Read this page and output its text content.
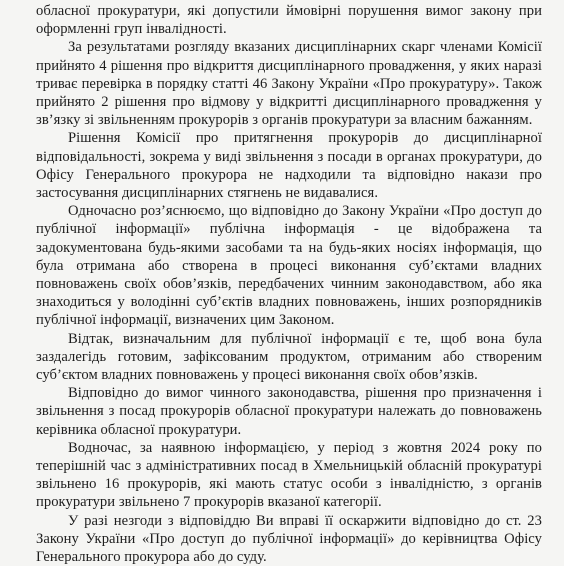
обласної прокуратури, які допустили ймовірні порушення вимог закону при оформленні груп інвалідності.

За результатами розгляду вказаних дисциплінарних скарг членами Комісії прийнято 4 рішення про відкриття дисциплінарного провадження, у яких наразі триває перевірка в порядку статті 46 Закону України «Про прокуратуру». Також прийнято 2 рішення про відмову у відкритті дисциплінарного провадження у зв’язку зі звільненням прокурорів з органів прокуратури за власним бажанням.

Рішення Комісії про притягнення прокурорів до дисциплінарної відповідальності, зокрема у виді звільнення з посади в органах прокуратури, до Офісу Генерального прокурора не надходили та відповідно накази про застосування дисциплінарних стягнень не видавалися.

Одночасно роз’яснюємо, що відповідно до Закону України «Про доступ до публічної інформації» публічна інформація - це відображена та задокументована будь-якими засобами та на будь-яких носіях інформація, що була отримана або створена в процесі виконання суб’єктами владних повноважень своїх обов’язків, передбачених чинним законодавством, або яка знаходиться у володінні суб’єктів владних повноважень, інших розпорядників публічної інформації, визначених цим Законом.

Відтак, визначальним для публічної інформації є те, щоб вона була заздалегідь готовим, зафіксованим продуктом, отриманим або створеним суб’єктом владних повноважень у процесі виконання своїх обов’язків.

Відповідно до вимог чинного законодавства, рішення про призначення і звільнення з посад прокурорів обласної прокуратури належать до повноважень керівника обласної прокуратури.

Водночас, за наявною інформацією, у період з жовтня 2024 року по теперішній час з адміністративних посад в Хмельницькій обласній прокуратурі звільнено 16 прокурорів, які мають статус особи з інвалідністю, з органів прокуратури звільнено 7 прокурорів вказаної категорії.

У разі незгоди з відповіддю Ви вправі її оскаржити відповідно до ст. 23 Закону України «Про доступ до публічної інформації» до керівництва Офісу Генерального прокурора або до суду.
